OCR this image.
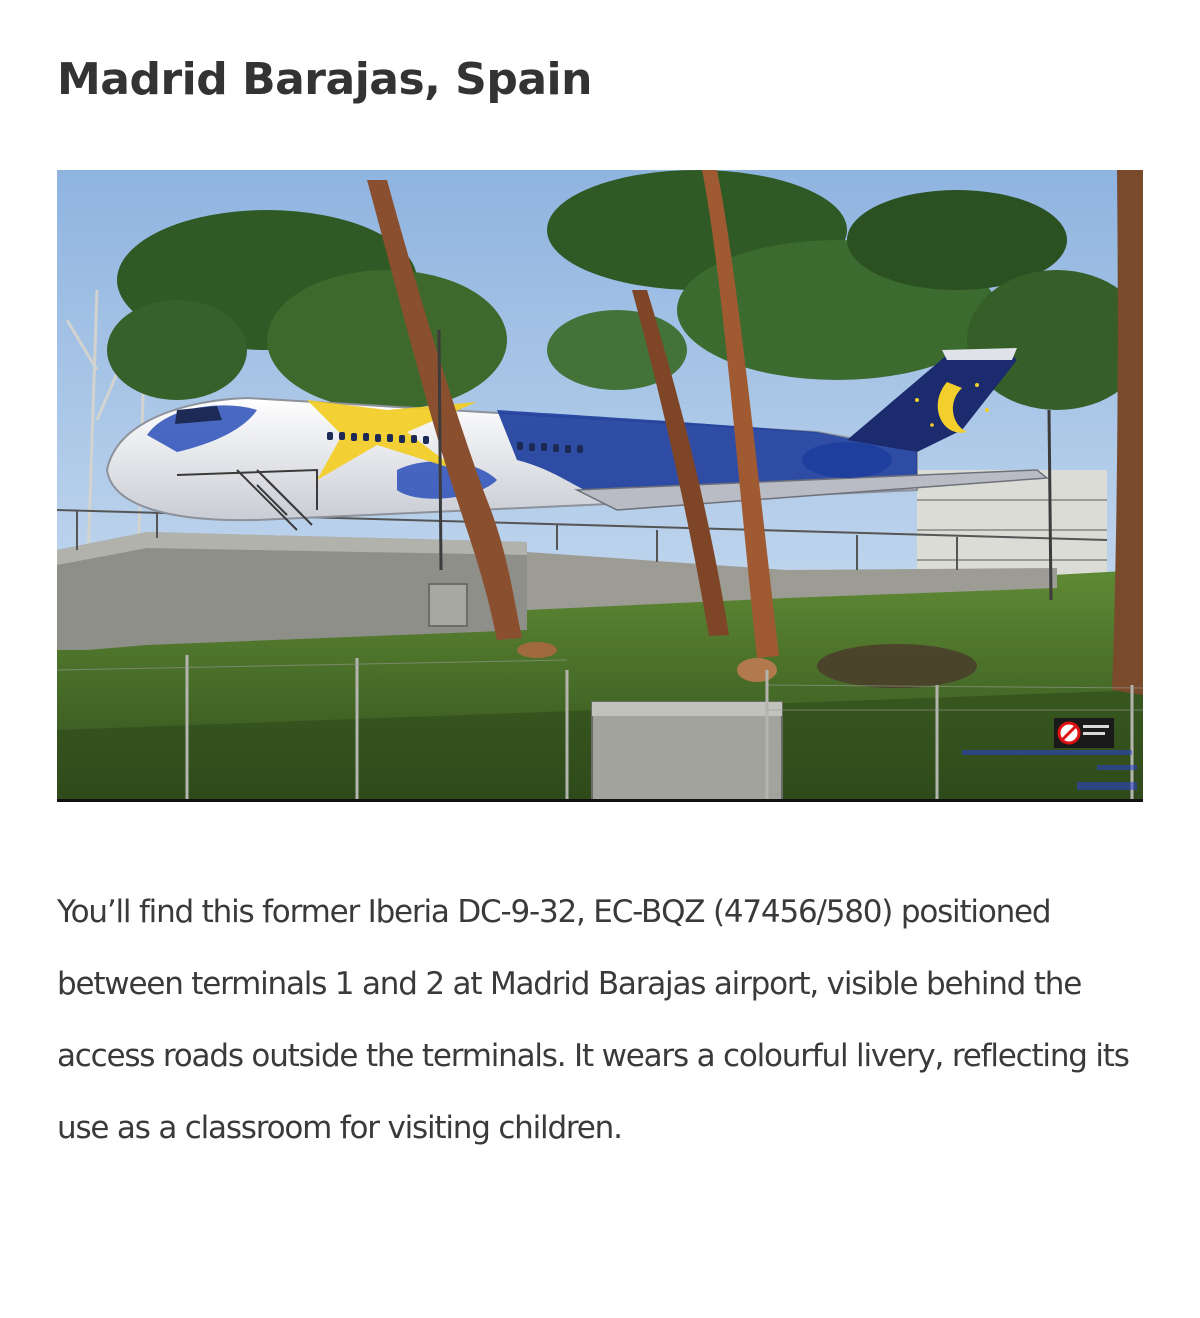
Madrid Barajas, Spain

You’ll find this former Iberia DC-9-32, EC-BQZ (47456/580) positioned between terminals 1 and 2 at Madrid Barajas airport, visible behind the access roads outside the terminals. It wears a colourful livery, reflecting its use as a classroom for visiting children.
